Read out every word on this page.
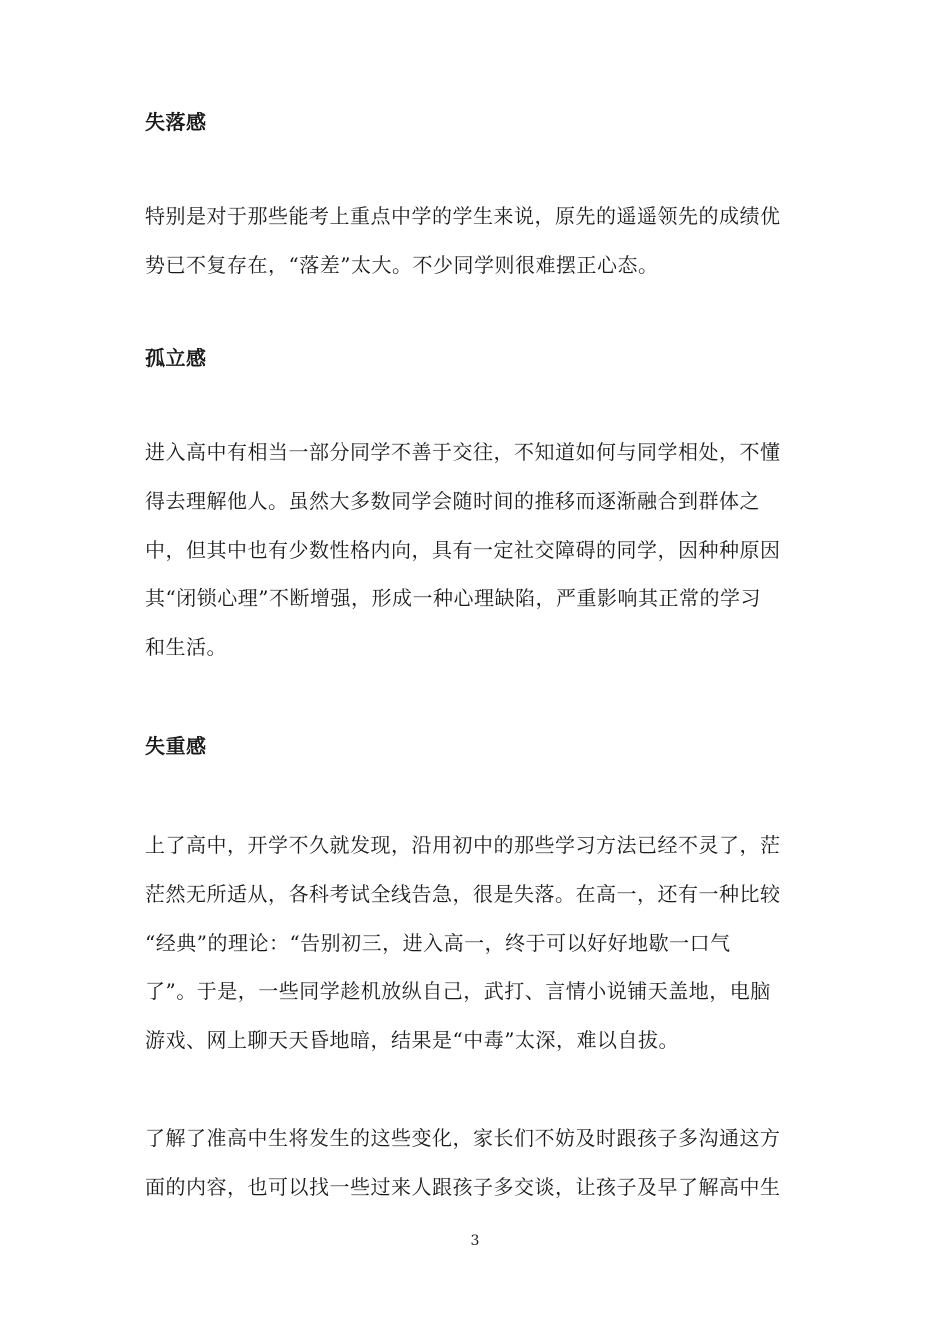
失落感

特别是对于那些能考上重点中学的学生来说，原先的遥遥领先的成绩优
势已不复存在，“落差”太大。不少同学则很难摆正心态。

孤立感

进入高中有相当一部分同学不善于交往，不知道如何与同学相处，不懂
得去理解他人。虽然大多数同学会随时间的推移而逐渐融合到群体之
中，但其中也有少数性格内向，具有一定社交障碍的同学，因种种原因
其“闭锁心理”不断增强，形成一种心理缺陷，严重影响其正常的学习
和生活。

失重感

上了高中，开学不久就发现，沿用初中的那些学习方法已经不灵了，茫
茫然无所适从，各科考试全线告急，很是失落。在高一，还有一种比较
“经典”的理论：“告别初三，进入高一，终于可以好好地歇一口气
了”。于是，一些同学趁机放纵自己，武打、言情小说铺天盖地，电脑
游戏、网上聊天天昏地暗，结果是“中毒”太深，难以自拔。

了解了准高中生将发生的这些变化，家长们不妨及时跟孩子多沟通这方
面的内容，也可以找一些过来人跟孩子多交谈，让孩子及早了解高中生

3
